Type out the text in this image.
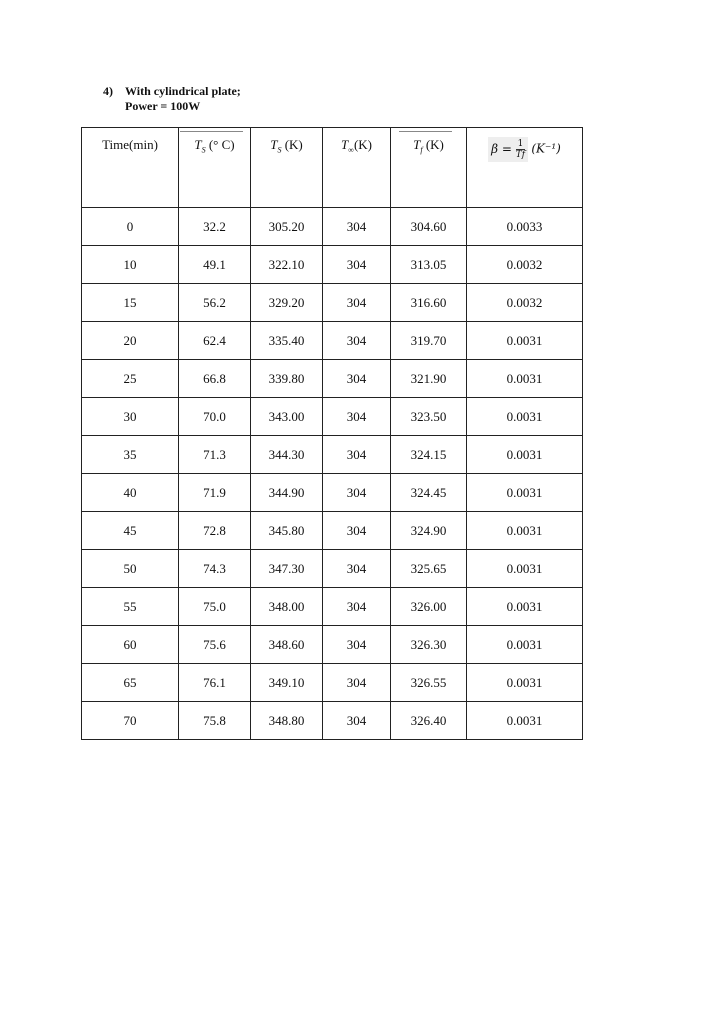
4) With cylindrical plate;
Power = 100W
Time(min)	$T_S$ (° C)	$T_S$ (K)	$T_\infty(K)$	$T_f$ (K)	$\beta = \frac{1}{Tf} (K^{-1})$
0	32.2	305.20	304	304.60	0.0033
10	49.1	322.10	304	313.05	0.0032
15	56.2	329.20	304	316.60	0.0032
20	62.4	335.40	304	319.70	0.0031
25	66.8	339.80	304	321.90	0.0031
30	70.0	343.00	304	323.50	0.0031
35	71.3	344.30	304	324.15	0.0031
40	71.9	344.90	304	324.45	0.0031
45	72.8	345.80	304	324.90	0.0031
50	74.3	347.30	304	325.65	0.0031
55	75.0	348.00	304	326.00	0.0031
60	75.6	348.60	304	326.30	0.0031
65	76.1	349.10	304	326.55	0.0031
70	75.8	348.80	304	326.40	0.0031
